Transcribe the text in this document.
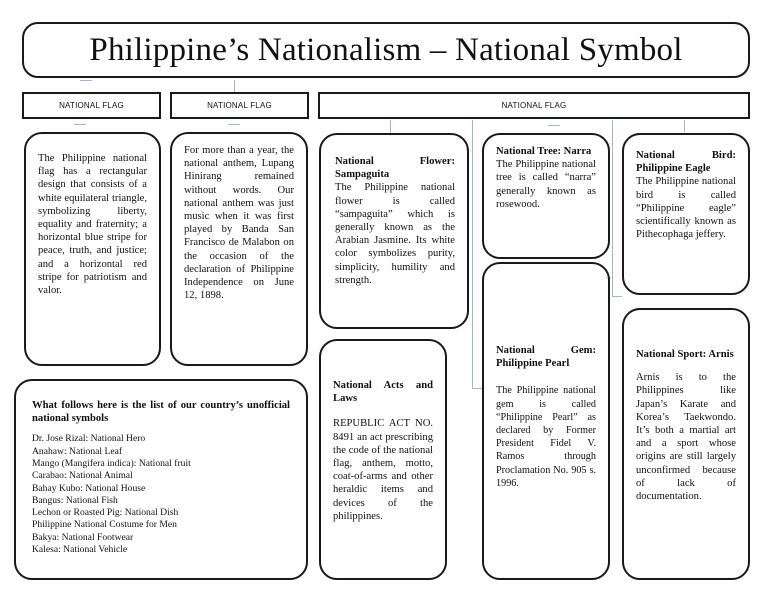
Philippine’s Nationalism – National Symbol
NATIONAL FLAG	NATIONAL FLAG	NATIONAL FLAG

The Philippine national flag has a rectangular design that consists of a white equilateral triangle, symbolizing liberty, equality and fraternity; a horizontal blue stripe for peace, truth, and justice; and a horizontal red stripe for patriotism and valor.

For more than a year, the national anthem, Lupang Hinirang remained without words. Our national anthem was just music when it was first played by Banda San Francisco de Malabon on the occasion of the declaration of Philippine Independence on June 12, 1898.

National Flower: Sampaguita

The Philippine national flower is called “sampaguita” which is generally known as the Arabian Jasmine. Its white color symbolizes purity, simplicity, humility and strength.

National Tree: Narra

The Philippine national tree is called “narra” generally known as rosewood.

National Bird: Philippine Eagle

The Philippine national bird is called “Philippine eagle” scientifically known as Pithecophaga jeffery.

What follows here is the list of our country’s unofficial national symbols

Dr. Jose Rizal: National Hero
Anahaw: National Leaf
Mango (Mangifera indica): National fruit
Carabao: National Animal
Bahay Kubo: National House
Bangus: National Fish
Lechon or Roasted Pig: National Dish
Philippine National Costume for Men
Bakya: National Footwear
Kalesa: National Vehicle

National Acts and Laws

REPUBLIC ACT NO. 8491 an act prescribing the code of the national flag, anthem, motto, coat-of-arms and other heraldic items and devices of the philippines.

National Gem: Philippine Pearl

The Philippine national gem is called “Philippine Pearl” as declared by Former President Fidel V. Ramos through Proclamation No. 905 s. 1996.

National Sport: Arnis

Arnis is to the Philippines like Japan’s Karate and Korea’s Taekwondo. It’s both a martial art and a sport whose origins are still largely unconfirmed because of lack of documentation.
